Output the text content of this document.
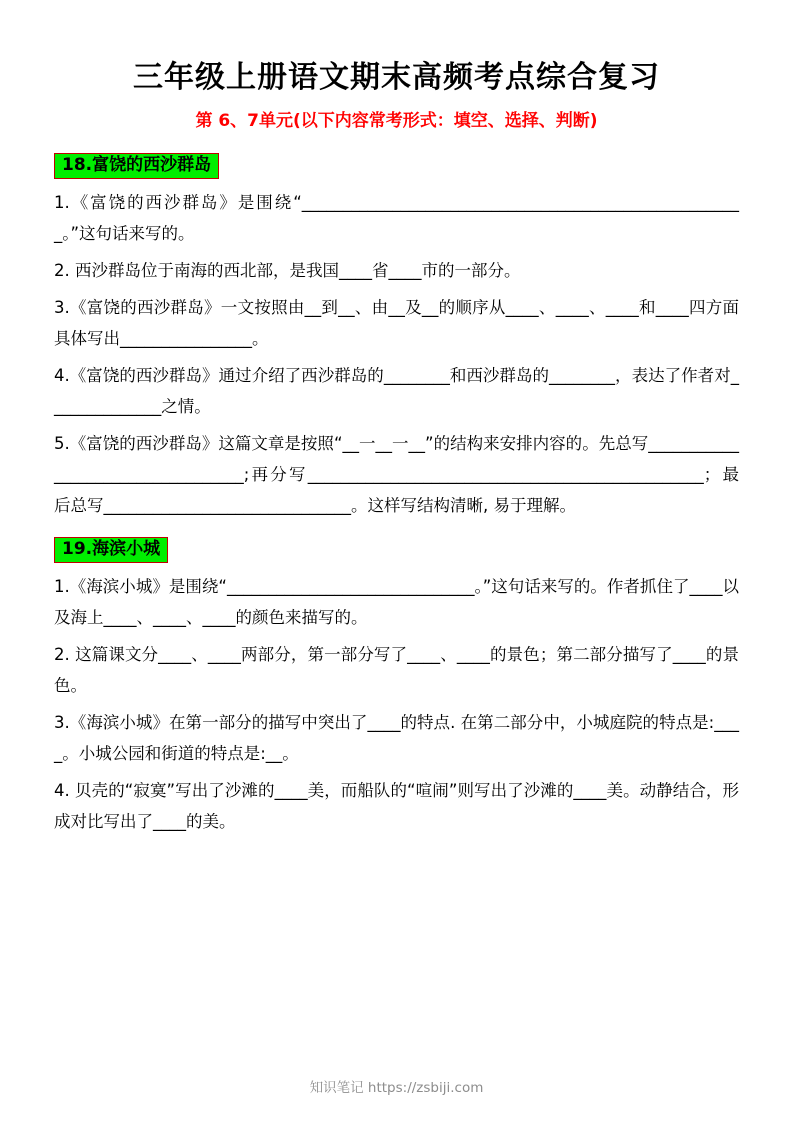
三年级上册语文期末高频考点综合复习
第 6、7单元(以下内容常考形式：填空、选择、判断)
18.富饶的西沙群岛

1.《富饶的西沙群岛》是围绕“______________________________________________________。”这句话来写的。

2. 西沙群岛位于南海的西北部，是我国____省____市的一部分。

3.《富饶的西沙群岛》一文按照由__到__、由__及__的顺序从____、____、____和____四方面具体写出________________。

4.《富饶的西沙群岛》通过介绍了西沙群岛的________和西沙群岛的________，表达了作者对______________之情。

5.《富饶的西沙群岛》这篇文章是按照“__一__一__”的结构来安排内容的。先总写__________________________________;再分写________________________________________________；最后总写______________________________。这样写结构清晰, 易于理解。

19.海滨小城

1.《海滨小城》是围绕“______________________________。”这句话来写的。作者抓住了____以及海上____、____、____的颜色来描写的。

2. 这篇课文分____、____两部分，第一部分写了____、____的景色；第二部分描写了____的景色。

3.《海滨小城》在第一部分的描写中突出了____的特点. 在第二部分中，小城庭院的特点是:____。小城公园和街道的特点是:__。

4. 贝壳的“寂寞”写出了沙滩的____美，而船队的“喧闹”则写出了沙滩的____美。动静结合，形成对比写出了____的美。

知识笔记 https://zsbiji.com
